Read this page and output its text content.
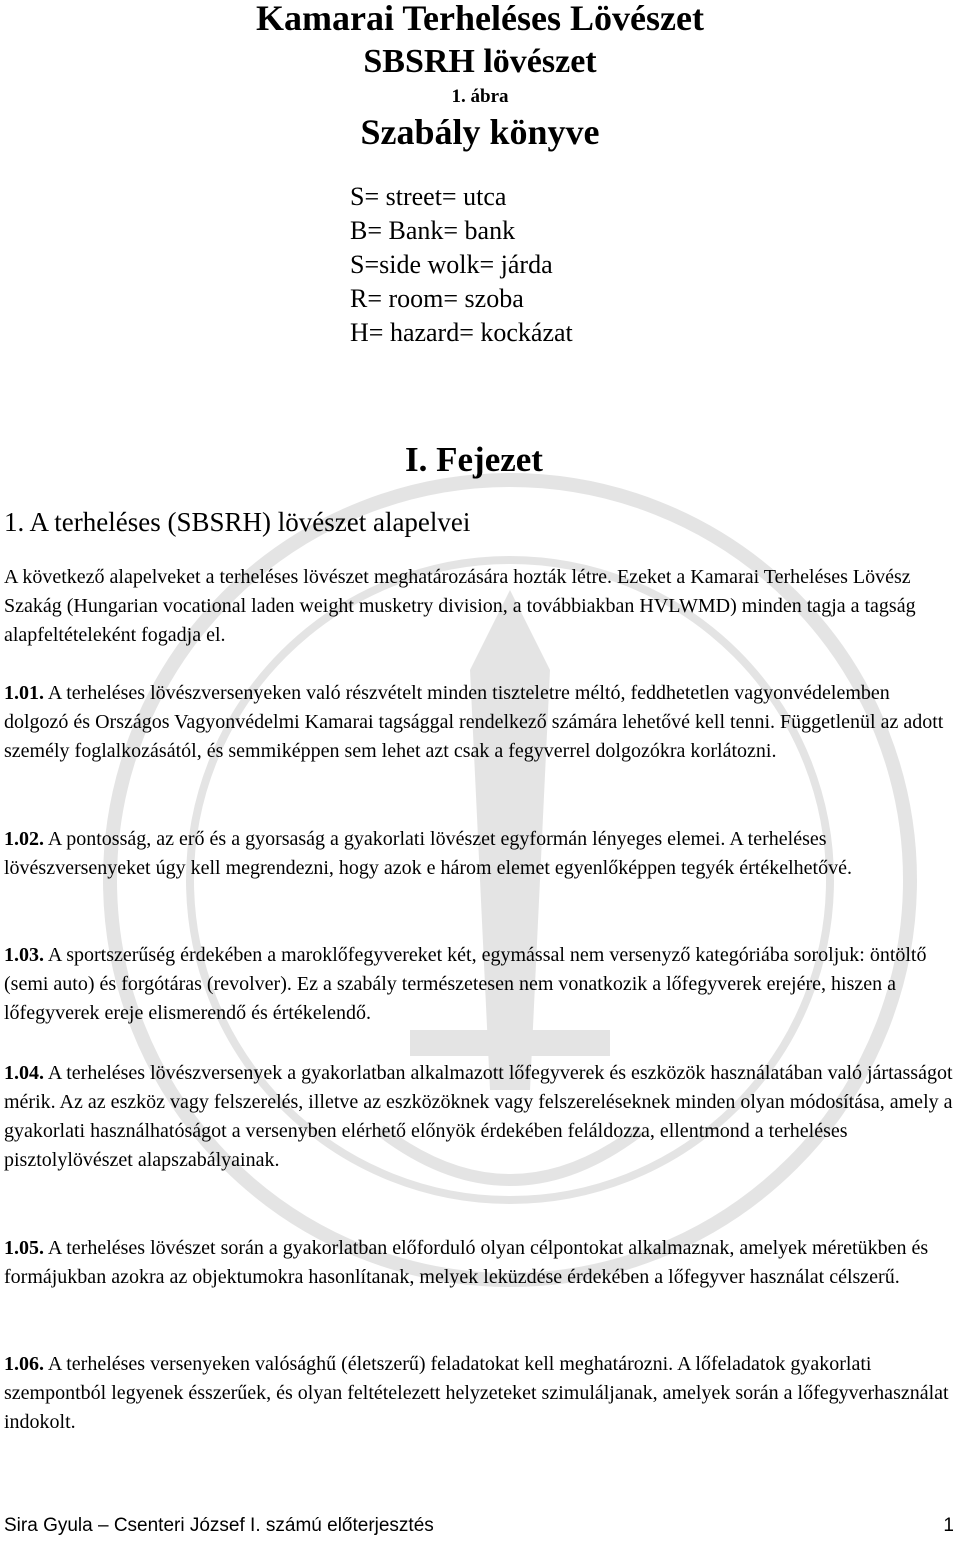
Kamarai Terheléses Lövészet
SBSRH lövészet
1. ábra
Szabály könyve
S= street= utca
B= Bank= bank
S=side wolk= járda
R= room= szoba
H= hazard= kockázat
I. Fejezet
1. A terheléses (SBSRH) lövészet alapelvei
A következő alapelveket a terheléses lövészet meghatározására hozták létre. Ezeket a Kamarai Terheléses Lövész Szakág (Hungarian vocational laden weight musketry division, a továbbiakban HVLWMD) minden tagja a tagság alapfeltételeként fogadja el.
1.01. A terheléses lövészversenyeken való részvételt minden tiszteletre méltó, feddhetetlen vagyonvédelemben dolgozó és Országos Vagyonvédelmi Kamarai tagsággal rendelkező számára lehetővé kell tenni. Függetlenül az adott személy foglalkozásától, és semmiképpen sem lehet azt csak a fegyverrel dolgozókra korlátozni.
1.02. A pontosság, az erő és a gyorsaság a gyakorlati lövészet egyformán lényeges elemei. A terheléses lövészversenyeket úgy kell megrendezni, hogy azok e három elemet egyenlőképpen tegyék értékelhetővé.
1.03. A sportszerűség érdekében a maroklőfegyvereket két, egymással nem versenyző kategóriába soroljuk: öntöltő (semi auto) és forgótáras (revolver). Ez a szabály természetesen nem vonatkozik a lőfegyverek erejére, hiszen a lőfegyverek ereje elismerendő és értékelendő.
1.04. A terheléses lövészversenyek a gyakorlatban alkalmazott lőfegyverek és eszközök használatában való jártasságot mérik. Az az eszköz vagy felszerelés, illetve az eszközöknek vagy felszereléseknek minden olyan módosítása, amely a gyakorlati használhatóságot a versenyben elérhető előnyök érdekében feláldozza, ellentmond a terheléses pisztolylövészet alapszabályainak.
1.05. A terheléses lövészet során a gyakorlatban előforduló olyan célpontokat alkalmaznak, amelyek méretükben és formájukban azokra az objektumokra hasonlítanak, melyek leküzdése érdekében a lőfegyver használat célszerű.
1.06. A terheléses versenyeken valósághű (életszerű) feladatokat kell meghatározni. A lőfeladatok gyakorlati szempontból legyenek ésszerűek, és olyan feltételezett helyzeteket szimuláljanak, amelyek során a lőfegyverhasználat indokolt.
Sira Gyula – Csenteri József I. számú előterjesztés	1
